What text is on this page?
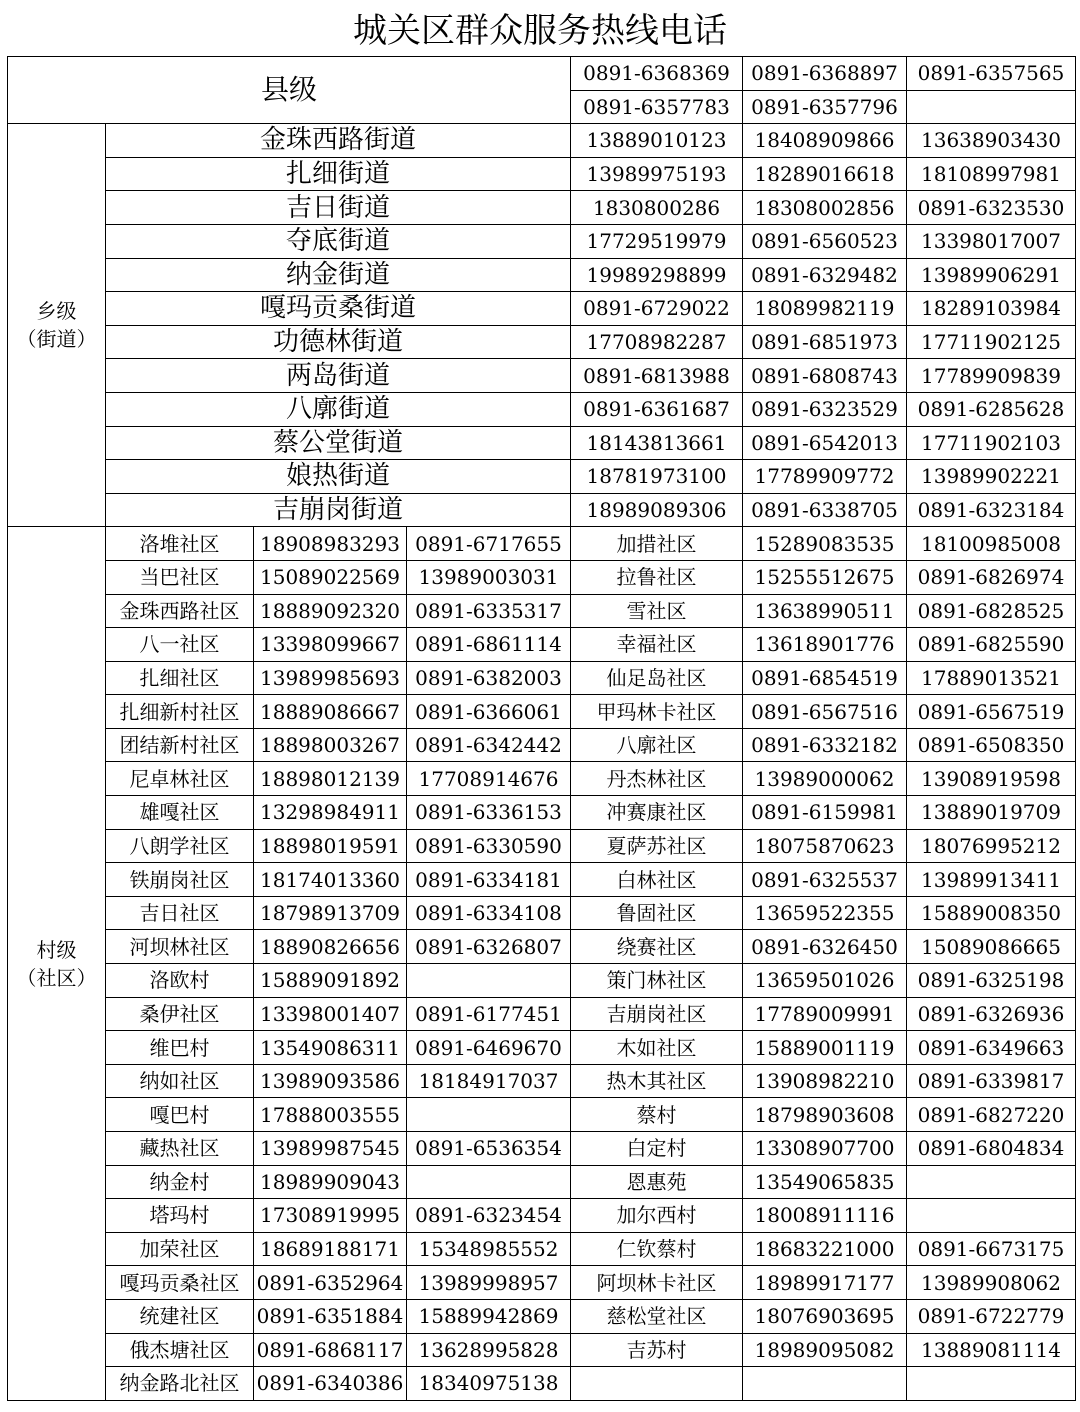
城关区群众服务热线电话
县级				0891-6368369	0891-6368897	0891-6357565
				0891-6357783	0891-6357796	

乡级
（街道）	金珠西路街道			13889010123	18408909866	13638903430
	扎细街道			13989975193	18289016618	18108997981
	吉日街道			1830800286	18308002856	0891-6323530
	夺底街道			17729519979	0891-6560523	13398017007
	纳金街道			19989298899	0891-6329482	13989906291
	嘎玛贡桑街道			0891-6729022	18089982119	18289103984
	功德林街道			17708982287	0891-6851973	17711902125
	两岛街道			0891-6813988	0891-6808743	17789909839
	八廓街道			0891-6361687	0891-6323529	0891-6285628
	蔡公堂街道			18143813661	0891-6542013	17711902103
	娘热街道			18781973100	17789909772	13989902221
	吉崩岗街道			18989089306	0891-6338705	0891-6323184

村级
（社区）	洛堆社区	18908983293	0891-6717655	加措社区	15289083535	18100985008
	当巴社区	15089022569	13989003031	拉鲁社区	15255512675	0891-6826974
	金珠西路社区	18889092320	0891-6335317	雪社区	13638990511	0891-6828525
	八一社区	13398099667	0891-6861114	幸福社区	13618901776	0891-6825590
	扎细社区	13989985693	0891-6382003	仙足岛社区	0891-6854519	17889013521
	扎细新村社区	18889086667	0891-6366061	甲玛林卡社区	0891-6567516	0891-6567519
	团结新村社区	18898003267	0891-6342442	八廓社区	0891-6332182	0891-6508350
	尼卓林社区	18898012139	17708914676	丹杰林社区	13989000062	13908919598
	雄嘎社区	13298984911	0891-6336153	冲赛康社区	0891-6159981	13889019709
	八朗学社区	18898019591	0891-6330590	夏萨苏社区	18075870623	18076995212
	铁崩岗社区	18174013360	0891-6334181	白林社区	0891-6325537	13989913411
	吉日社区	18798913709	0891-6334108	鲁固社区	13659522355	15889008350
	河坝林社区	18890826656	0891-6326807	绕赛社区	0891-6326450	15089086665
	洛欧村	15889091892		策门林社区	13659501026	0891-6325198
	桑伊社区	13398001407	0891-6177451	吉崩岗社区	17789009991	0891-6326936
	维巴村	13549086311	0891-6469670	木如社区	15889001119	0891-6349663
	纳如社区	13989093586	18184917037	热木其社区	13908982210	0891-6339817
	嘎巴村	17888003555		蔡村	18798903608	0891-6827220
	藏热社区	13989987545	0891-6536354	白定村	13308907700	0891-6804834
	纳金村	18989909043		恩惠苑	13549065835	
	塔玛村	17308919995	0891-6323454	加尔西村	18008911116	
	加荣社区	18689188171	15348985552	仁钦蔡村	18683221000	0891-6673175
	嘎玛贡桑社区	0891-6352964	13989998957	阿坝林卡社区	18989917177	13989908062
	统建社区	0891-6351884	15889942869	慈松堂社区	18076903695	0891-6722779
	俄杰塘社区	0891-6868117	13628995828	吉苏村	18989095082	13889081114
	纳金路北社区	0891-6340386	18340975138			
